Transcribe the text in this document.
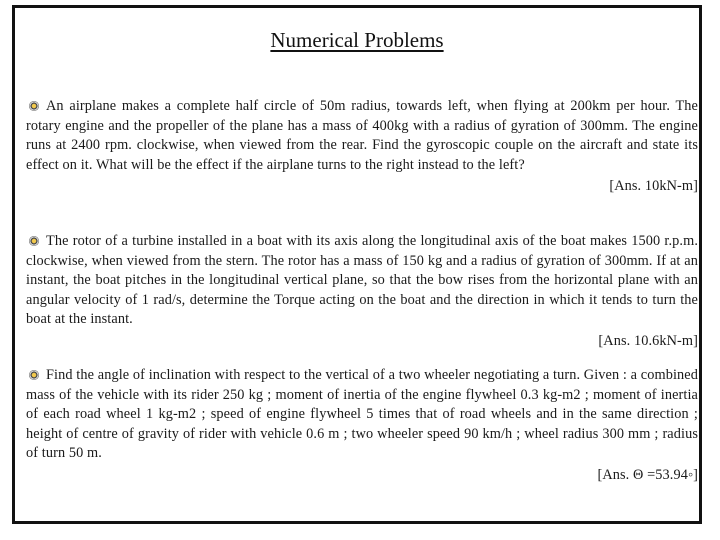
Numerical Problems
An airplane makes a complete half circle of 50m radius, towards left, when flying at 200km per hour. The rotary engine and the propeller of the plane has a mass of 400kg with a radius of gyration of 300mm. The engine runs at 2400 rpm. clockwise, when viewed from the rear. Find the gyroscopic couple on the aircraft and state its effect on it. What will be the effect if the airplane turns to the right instead to the left?
[Ans. 10kN-m]
The rotor of a turbine installed in a boat with its axis along the longitudinal axis of the boat makes 1500 r.p.m. clockwise, when viewed from the stern. The rotor has a mass of 150 kg and a radius of gyration of 300mm. If at an instant, the boat pitches in the longitudinal vertical plane, so that the bow rises from the horizontal plane with an angular velocity of 1 rad/s, determine the Torque acting on the boat and the direction in which it tends to turn the boat at the instant.
[Ans. 10.6kN-m]
Find the angle of inclination with respect to the vertical of a two wheeler negotiating a turn. Given : a combined mass of the vehicle with its rider 250 kg ; moment of inertia of the engine flywheel 0.3 kg-m2 ; moment of inertia of each road wheel 1 kg-m2 ; speed of engine flywheel 5 times that of road wheels and in the same direction ; height of centre of gravity of rider with vehicle 0.6 m ; two wheeler speed 90 km/h ; wheel radius 300 mm ; radius of turn 50 m.
[Ans. Θ =53.94◦]
